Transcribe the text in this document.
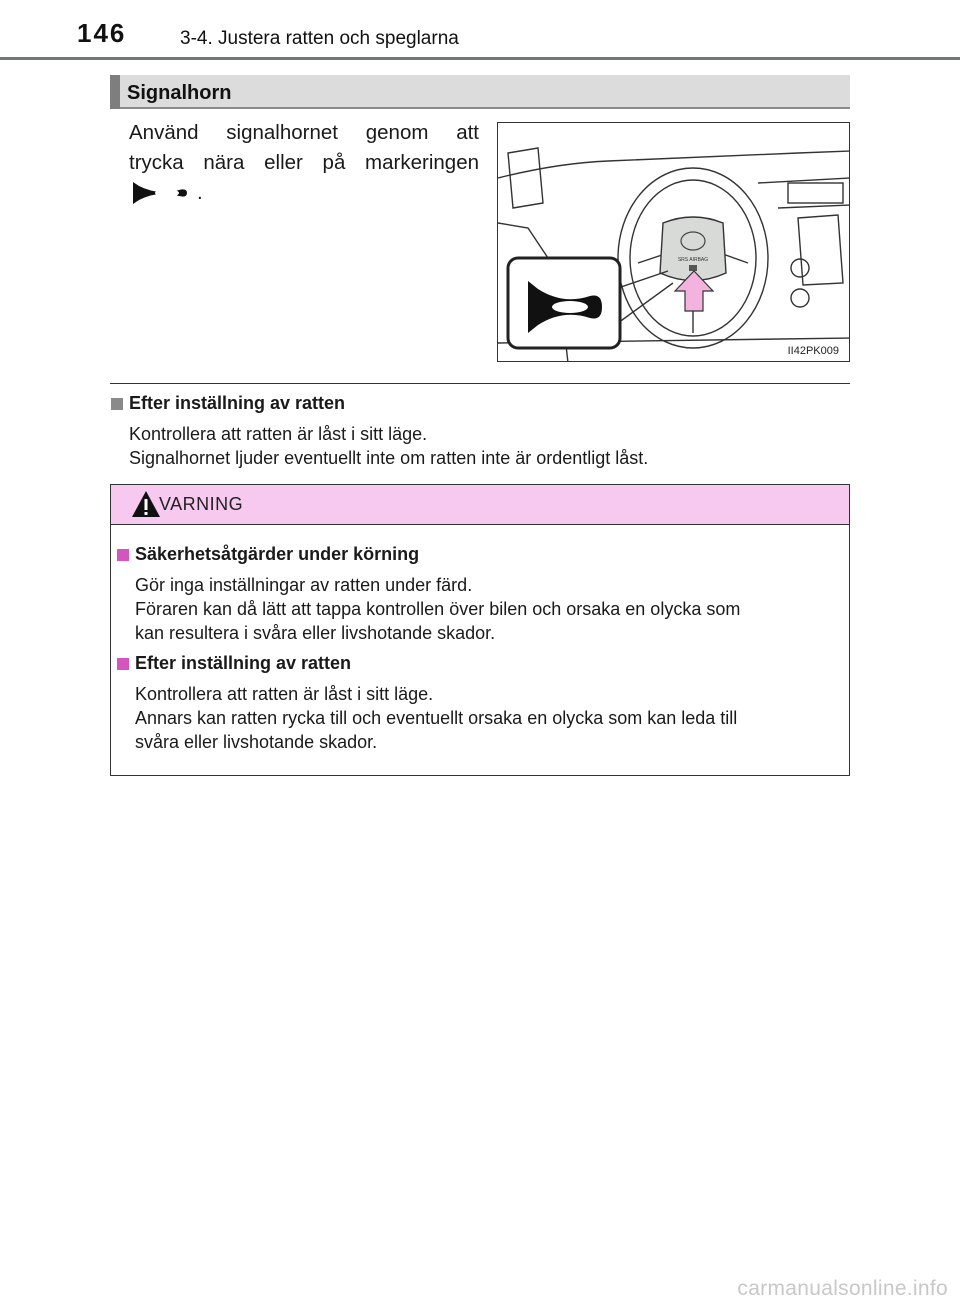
146	3-4. Justera ratten och speglarna
Signalhorn
Använd signalhornet genom att
trycka nära eller på markeringen
.
SRS AIRBAG
II42PK009
Efter inställning av ratten
Kontrollera att ratten är låst i sitt läge.
Signalhornet ljuder eventuellt inte om ratten inte är ordentligt låst.
VARNING
Säkerhetsåtgärder under körning
Gör inga inställningar av ratten under färd.
Föraren kan då lätt att tappa kontrollen över bilen och orsaka en olycka som
kan resultera i svåra eller livshotande skador.
Efter inställning av ratten
Kontrollera att ratten är låst i sitt läge.
Annars kan ratten rycka till och eventuellt orsaka en olycka som kan leda till
svåra eller livshotande skador.
carmanualsonline.info
